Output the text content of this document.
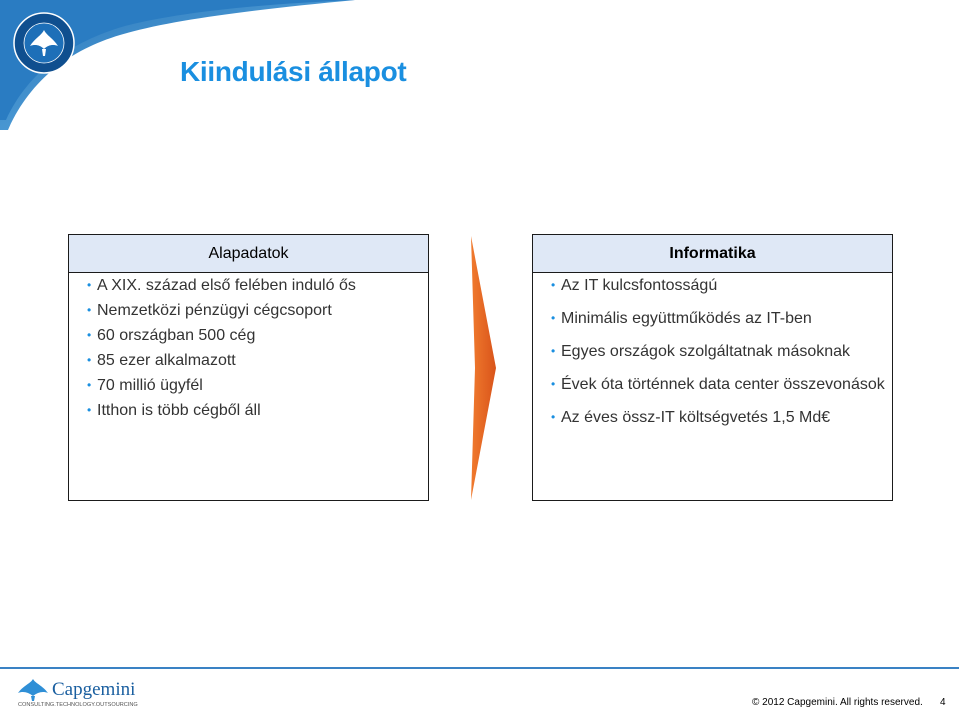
Kiindulási állapot
Alapadatok
• A XIX. század első felében induló ős
• Nemzetközi pénzügyi cégcsoport
• 60 országban 500 cég
• 85 ezer alkalmazott
• 70 millió ügyfél
• Itthon is több cégből áll
Informatika
• Az IT kulcsfontosságú
• Minimális együttműködés az IT-ben
• Egyes országok szolgáltatnak másoknak
• Évek óta történnek data center összevonások
• Az éves össz-IT költségvetés 1,5 Md€
Capgemini
CONSULTING.TECHNOLOGY.OUTSOURCING	© 2012 Capgemini. All rights reserved. 4
